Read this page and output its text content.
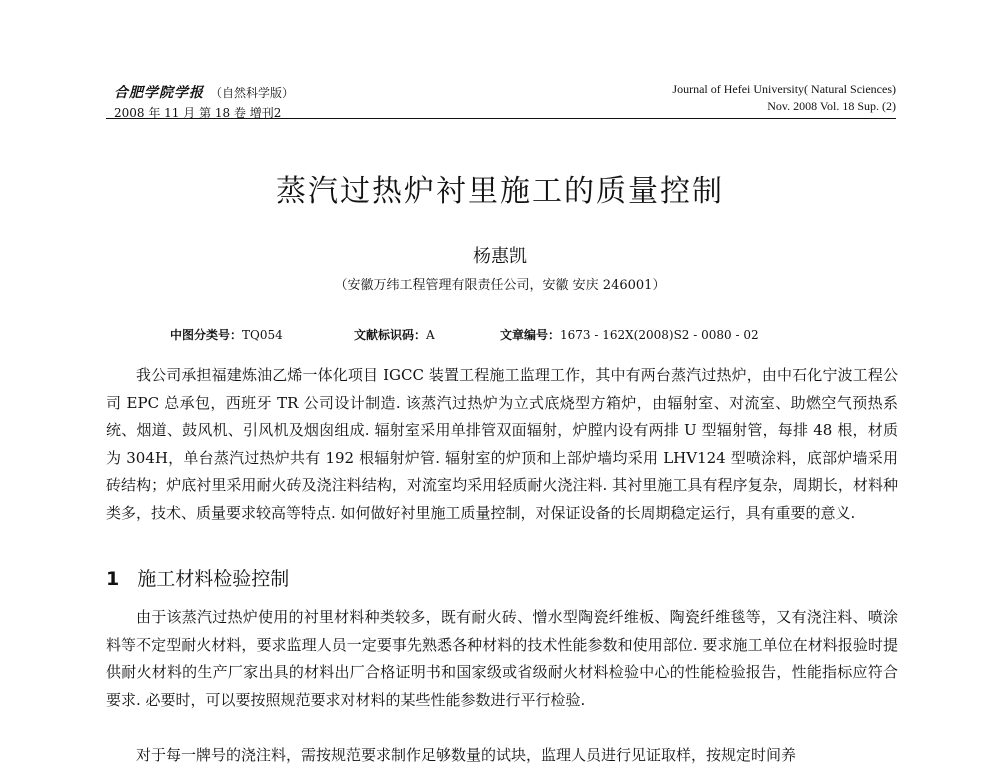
合肥学院学报 （自然科学版）
2008 年 11 月 第 18 卷 增刊2
Journal of Hefei University( Natural Sciences)
Nov. 2008 Vol. 18 Sup. (2)
蒸汽过热炉衬里施工的质量控制
杨惠凯
（安徽万纬工程管理有限责任公司，安徽 安庆 246001）
中图分类号：TQ054	文献标识码：A	文章编号：1673 - 162X(2008)S2 - 0080 - 02

我公司承担福建炼油乙烯一体化项目 IGCC 装置工程施工监理工作，其中有两台蒸汽过热炉，由中石化宁波工程公司 EPC 总承包，西班牙 TR 公司设计制造. 该蒸汽过热炉为立式底烧型方箱炉，由辐射室、对流室、助燃空气预热系统、烟道、鼓风机、引风机及烟囱组成. 辐射室采用单排管双面辐射，炉膛内设有两排 U 型辐射管，每排 48 根，材质为 304H，单台蒸汽过热炉共有 192 根辐射炉管. 辐射室的炉顶和上部炉墙均采用 LHV124 型喷涂料，底部炉墙采用砖结构；炉底衬里采用耐火砖及浇注料结构，对流室均采用轻质耐火浇注料. 其衬里施工具有程序复杂，周期长，材料种类多，技术、质量要求较高等特点. 如何做好衬里施工质量控制，对保证设备的长周期稳定运行，具有重要的意义.

1 施工材料检验控制

由于该蒸汽过热炉使用的衬里材料种类较多，既有耐火砖、憎水型陶瓷纤维板、陶瓷纤维毯等，又有浇注料、喷涂料等不定型耐火材料，要求监理人员一定要事先熟悉各种材料的技术性能参数和使用部位. 要求施工单位在材料报验时提供耐火材料的生产厂家出具的材料出厂合格证明书和国家级或省级耐火材料检验中心的性能检验报告，性能指标应符合要求. 必要时，可以要按照规范要求对材料的某些性能参数进行平行检验.

对于每一牌号的浇注料，需按规范要求制作足够数量的试块，监理人员进行见证取样，按规定时间养
